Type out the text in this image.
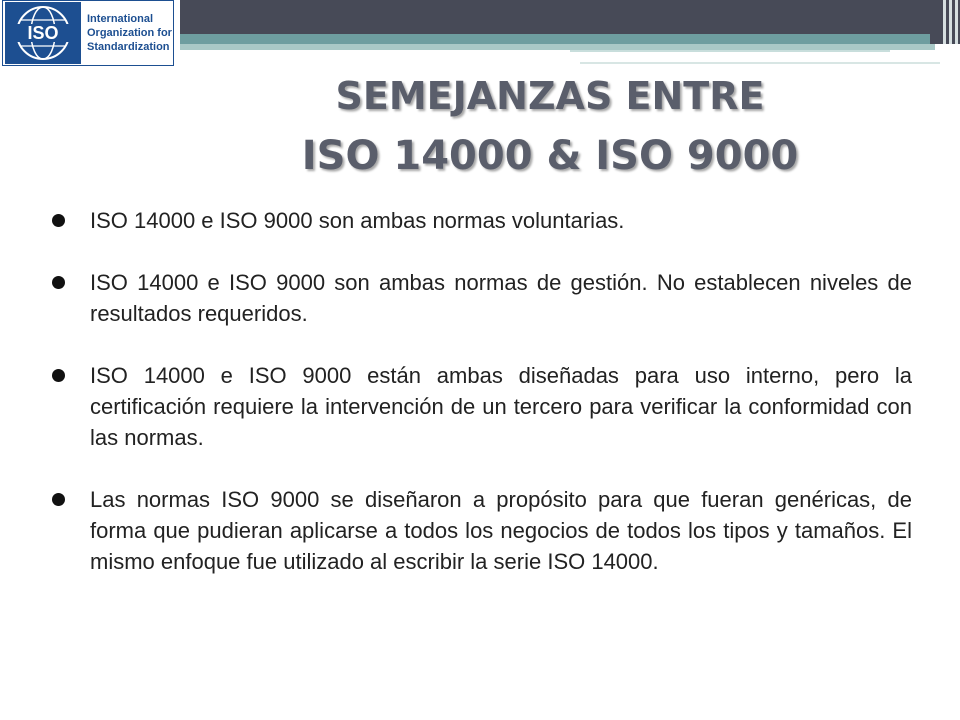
ISO
International
Organization for
Standardization
SEMEJANZAS ENTRE
ISO 14000 & ISO 9000
ISO 14000 e ISO 9000 son ambas normas voluntarias.
ISO 14000 e ISO 9000 son ambas normas de gestión. No establecen niveles de resultados requeridos.
ISO 14000 e ISO 9000 están ambas diseñadas para uso interno, pero la certificación requiere la intervención de un tercero para verificar la conformidad con las normas.
Las normas ISO 9000 se diseñaron a propósito para que fueran genéricas, de forma que pudieran aplicarse a todos los negocios de todos los tipos y tamaños. El mismo enfoque fue utilizado al escribir la serie ISO 14000.
